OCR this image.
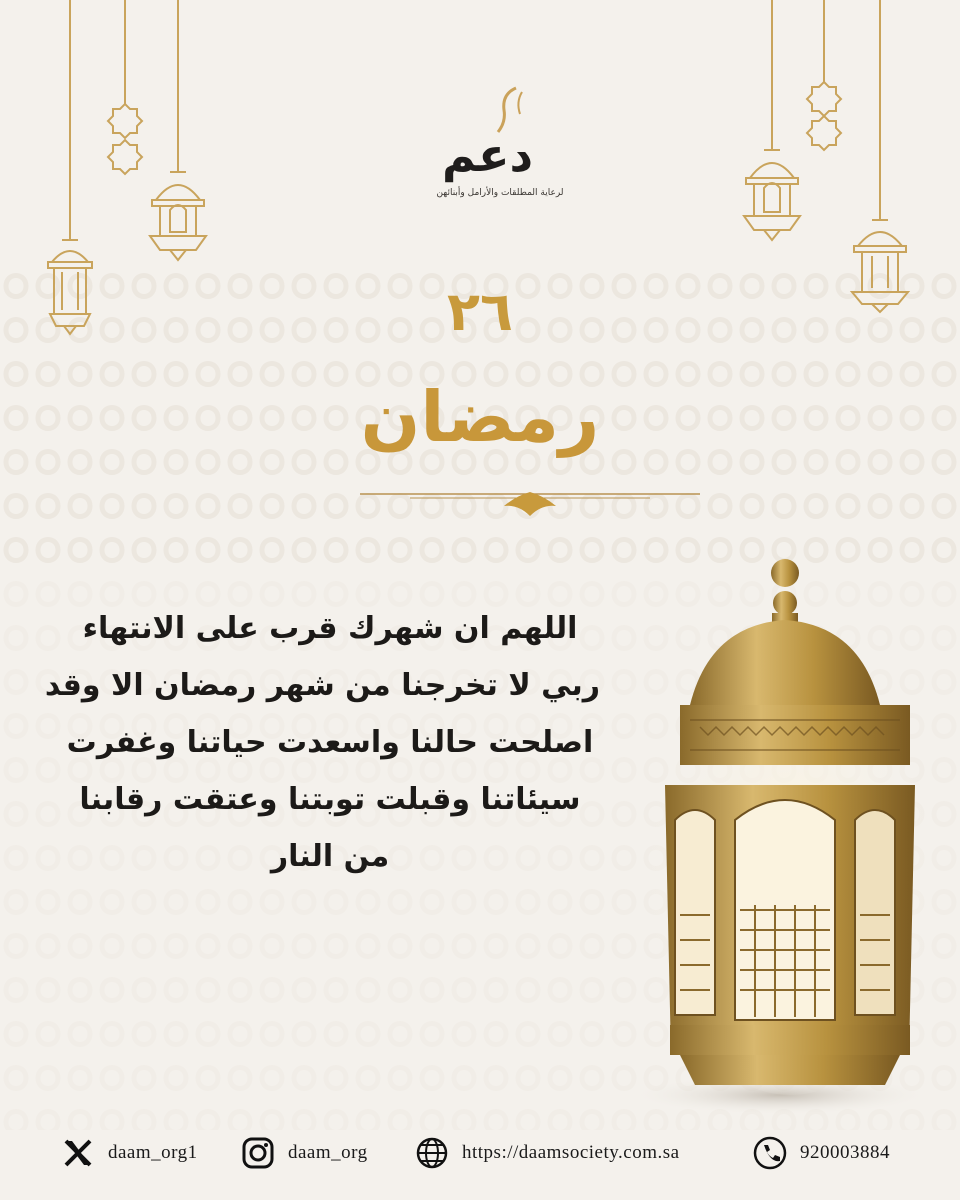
دعم
لرعاية المطلقات والأرامل وأبنائهن
٢٦
رمضان
اللهم ان شهرك قرب على الانتهاء
ربي لا تخرجنا من شهر رمضان الا وقد
اصلحت حالنا واسعدت حياتنا وغفرت
سيئاتنا وقبلت توبتنا وعتقت رقابنا
من النار
daam_org1	daam_org	https://daamsociety.com.sa	920003884
